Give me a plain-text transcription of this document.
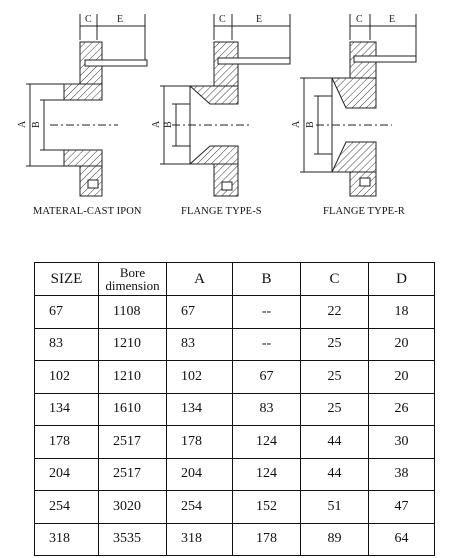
C	E
A B
C	E
A B
C	E
A B
MATERAL-CAST IPON	FLANGE TYPE-S	FLANGE TYPE-R
SIZE	Bore dimension	A	B	C	D
67	1108	67	--	22	18
83	1210	83	--	25	20
102	1210	102	67	25	20
134	1610	134	83	25	26
178	2517	178	124	44	30
204	2517	204	124	44	38
254	3020	254	152	51	47
318	3535	318	178	89	64
